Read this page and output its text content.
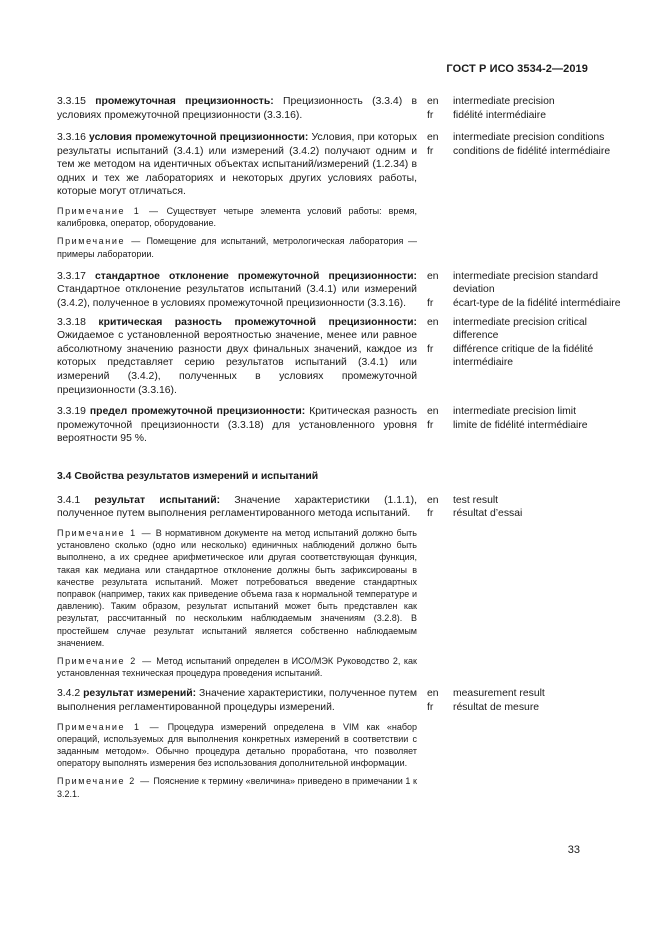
ГОСТ Р ИСО 3534-2—2019

3.3.15 промежуточная прецизионность: Прецизионность (3.3.4) в условиях промежуточной прецизионности (3.3.16).

en	intermediate precision
fr	fidélité intermédiaire

3.3.16 условия промежуточной прецизионности: Условия, при которых результаты испытаний (3.4.1) или измерений (3.4.2) получают одним и тем же методом на идентичных объектах испытаний/измерений (1.2.34) в одних и тех же лабораториях и некоторых других условиях работы, которые могут отличаться.

Примечание 1 — Существует четыре элемента условий работы: время, калибровка, оператор, оборудование.

Примечание — Помещение для испытаний, метрологическая лаборатория — примеры лаборатории.

en	intermediate precision conditions
fr	conditions de fidélité intermédiaire

3.3.17 стандартное отклонение промежуточной прецизионности: Стандартное отклонение результатов испытаний (3.4.1) или измерений (3.4.2), полученное в условиях промежуточной прецизионности (3.3.16).

en	intermediate precision standard deviation
fr	écart-type de la fidélité intermédiaire

3.3.18 критическая разность промежуточной прецизионности: Ожидаемое с установленной вероятностью значение, менее или равное абсолютному значению разности двух финальных значений, каждое из которых представляет серию результатов испытаний (3.4.1) или измерений (3.4.2), полученных в условиях промежуточной прецизионности (3.3.16).

en	intermediate precision critical difference
fr	différence critique de la fidélité intermédiaire

3.3.19 предел промежуточной прецизионности: Критическая разность промежуточной прецизионности (3.3.18) для установленного уровня вероятности 95 %.

en	intermediate precision limit
fr	limite de fidélité intermédiaire

3.4 Свойства результатов измерений и испытаний

3.4.1 результат испытаний: Значение характеристики (1.1.1), полученное путем выполнения регламентированного метода испытаний.

Примечание 1 — В нормативном документе на метод испытаний должно быть установлено сколько (одно или несколько) единичных наблюдений должно быть выполнено, а их среднее арифметическое или другая соответствующая функция, такая как медиана или стандартное отклонение должны быть зафиксированы в качестве результата испытаний. Может потребоваться введение стандартных поправок (например, таких как приведение объема газа к нормальной температуре и давлению). Таким образом, результат испытаний может быть представлен как результат, рассчитанный по нескольким наблюдаемым значениям (3.2.8). В простейшем случае результат испытаний является собственно наблюдаемым значением.

Примечание 2 — Метод испытаний определен в ИСО/МЭК Руководство 2, как установленная техническая процедура проведения испытаний.

en	test result
fr	résultat d’essai

3.4.2 результат измерений: Значение характеристики, полученное путем выполнения регламентированной процедуры измерений.

Примечание 1 — Процедура измерений определена в VIM как «набор операций, используемых для выполнения конкретных измерений в соответствии с заданным методом». Обычно процедура детально проработана, что позволяет оператору выполнять измерения без использования дополнительной информации.

Примечание 2 — Пояснение к термину «величина» приведено в примечании 1 к 3.2.1.

en	measurement result
fr	résultat de mesure
33
